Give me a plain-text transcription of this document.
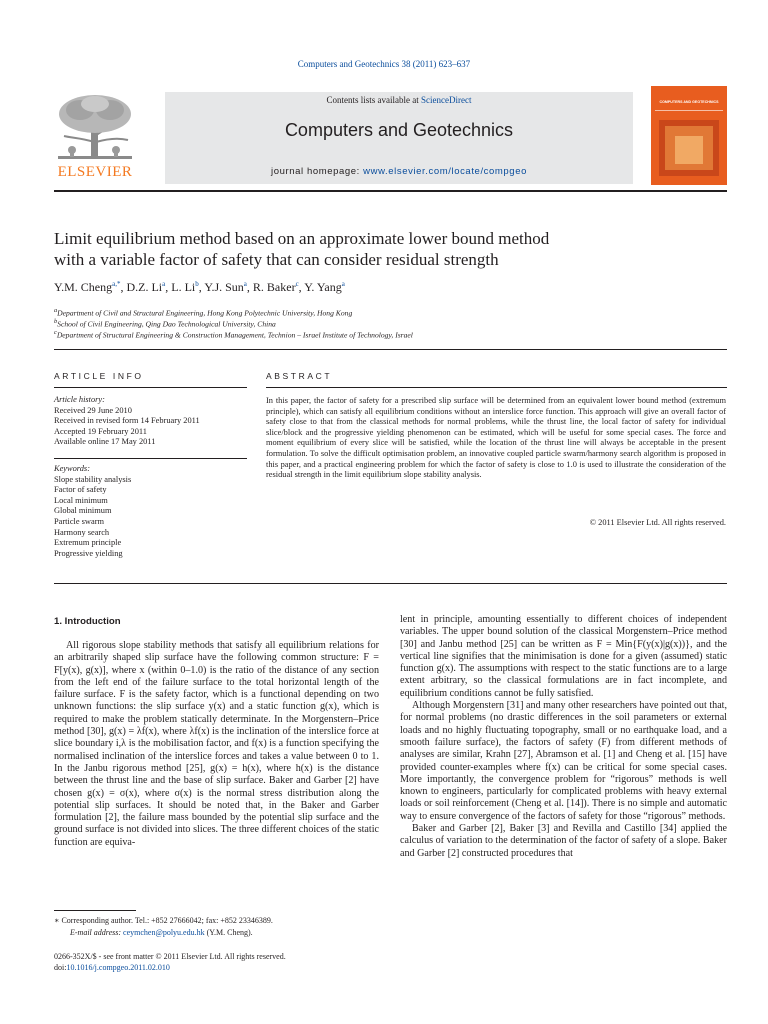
Computers and Geotechnics 38 (2011) 623–637
ELSEVIER
Contents lists available at ScienceDirect
Computers and Geotechnics
journal homepage: www.elsevier.com/locate/compgeo
COMPUTERS AND GEOTECHNICS
Limit equilibrium method based on an approximate lower bound method
with a variable factor of safety that can consider residual strength
Y.M. Cheng$^{a,*}$, D.Z. Li$^a$, L. Li$^b$, Y.J. Sun$^a$, R. Baker$^c$, Y. Yang$^a$
$^a$Department of Civil and Structural Engineering, Hong Kong Polytechnic University, Hong Kong
$^b$School of Civil Engineering, Qing Dao Technological University, China
$^c$Department of Structural Engineering & Construction Management, Technion – Israel Institute of Technology, Israel
ARTICLE INFO
Article history:
Received 29 June 2010
Received in revised form 14 February 2011
Accepted 19 February 2011
Available online 17 May 2011
Keywords:
Slope stability analysis
Factor of safety
Local minimum
Global minimum
Particle swarm
Harmony search
Extremum principle
Progressive yielding
ABSTRACT
In this paper, the factor of safety for a prescribed slip surface will be determined from an equivalent lower bound method (extremum principle), which can satisfy all equilibrium conditions without an interslice force function. This approach will give an overall factor of safety close to that from the classical methods for normal problems, while the thrust line, the local factor of safety for individual slice/block and the progressive yielding phenomenon can be estimated, which will be useful for some special cases. The force and moment equilibrium of every slice will be satisfied, while the location of the thrust line will always be acceptable in the present formulation. To solve the difficult optimisation problem, an innovative coupled particle swarm/harmony search algorithm is proposed in this paper, and a practical engineering problem for which the factor of safety is close to 1.0 is used to illustrate the consideration of the residual strength in the limit equilibrium slope stability analysis.
© 2011 Elsevier Ltd. All rights reserved.
1. Introduction

All rigorous slope stability methods that satisfy all equilibrium relations for an arbitrarily shaped slip surface have the following common structure: F = F[y(x), g(x)], where x (within 0–1.0) is the ratio of the distance of any section from the left end of the failure surface to the total horizontal length of the failure surface. F is the safety factor, which is a functional depending on two unknown functions: the slip surface y(x) and a static function g(x), which is required to make the problem statically determinate. In the Morgenstern–Price method [30], g(x) = λf(x), where λf(x) is the inclination of the interslice force at slice boundary i,λ is the mobilisation factor, and f(x) is a function specifying the normalised inclination of the interslice forces and takes a value between 0 to 1. In the Janbu rigorous method [25], g(x) = h(x), where h(x) is the distance between the thrust line and the base of slip surface. Baker and Garber [2] have chosen g(x) = σ(x), where σ(x) is the normal stress distribution along the potential slip surfaces. It should be noted that, in the Baker and Garber formulation [2], the failure mass bounded by the potential slip surface and the ground surface is not divided into slices. The three different choices of the static function are equiva-

lent in principle, amounting essentially to different choices of independent variables. The upper bound solution of the classical Morgenstern–Price method [30] and Janbu method [25] can be written as F = Min{F(y(x)|g(x))}, and the vertical line signifies that the minimisation is done for a given (assumed) static function g(x). The assumptions with respect to the static functions are to a large extent arbitrary, so the classical formulations are in fact incomplete, and equilibrium conditions cannot be fully satisfied.

Although Morgenstern [31] and many other researchers have pointed out that, for normal problems (no drastic differences in the soil parameters or external loads and no highly fluctuating topography, small or no earthquake load, and a smooth failure surface), the factors of safety (F) from different methods of analyses are similar, Krahn [27], Abramson et al. [1] and Cheng et al. [15] have provided counter-examples where f(x) can be critical for some special cases. More importantly, the convergence problem for “rigorous” methods is well known to engineers, particularly for complicated problems with heavy external loads or soil reinforcement (Cheng et al. [14]). There is no simple and automatic way to ensure convergence of the factors of safety for those “rigorous” methods.

Baker and Garber [2], Baker [3] and Revilla and Castillo [34] applied the calculus of variation to the determination of the factor of safety of a slope. Baker and Garber [2] constructed procedures that

∗ Corresponding author. Tel.: +852 27666042; fax: +852 23346389.
E-mail address: ceymchen@polyu.edu.hk (Y.M. Cheng).
0266-352X/$ - see front matter © 2011 Elsevier Ltd. All rights reserved.
doi:10.1016/j.compgeo.2011.02.010
